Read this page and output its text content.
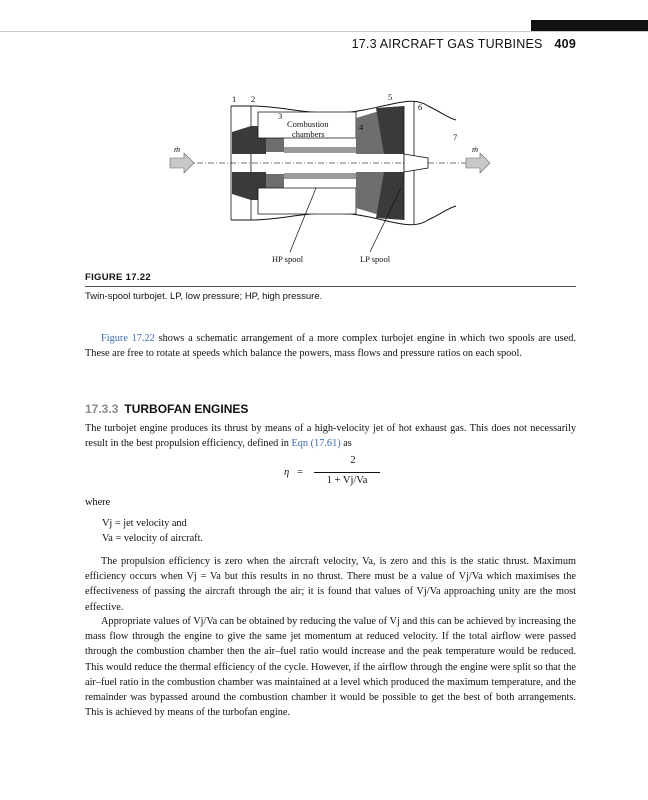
17.3 AIRCRAFT GAS TURBINES 409
1 2
3
4
5
6
7
ṁ	ṁ
Combustion
chambers
HP spool	LP spool
FIGURE 17.22
Twin-spool turbojet. LP, low pressure; HP, high pressure.

Figure 17.22 shows a schematic arrangement of a more complex turbojet engine in which two spools are used. These are free to rotate at speeds which balance the powers, mass flows and pressure ratios on each spool.

17.3.3 TURBOFAN ENGINES

The turbojet engine produces its thrust by means of a high-velocity jet of hot exhaust gas. This does not necessarily result in the best propulsion efficiency, defined in Eqn (17.61) as

η =
2
1 + Vj/Va
where
Vj = jet velocity and
Va = velocity of aircraft.

The propulsion efficiency is zero when the aircraft velocity, Va, is zero and this is the static thrust. Maximum efficiency occurs when Vj = Va but this results in no thrust. There must be a value of Vj/Va which maximises the effectiveness of passing the aircraft through the air; it is found that values of Vj/Va approaching unity are the most effective.

Appropriate values of Vj/Va can be obtained by reducing the value of Vj and this can be achieved by increasing the mass flow through the engine to give the same jet momentum at reduced velocity. If the total airflow were passed through the combustion chamber then the air–fuel ratio would increase and the peak temperature would be reduced. This would reduce the thermal efficiency of the cycle. However, if the airflow through the engine were split so that the air–fuel ratio in the combustion chamber was maintained at a level which produced the maximum temperature, and the remainder was bypassed around the combustion chamber it would be possible to get the best of both arrangements. This is achieved by means of the turbofan engine.
